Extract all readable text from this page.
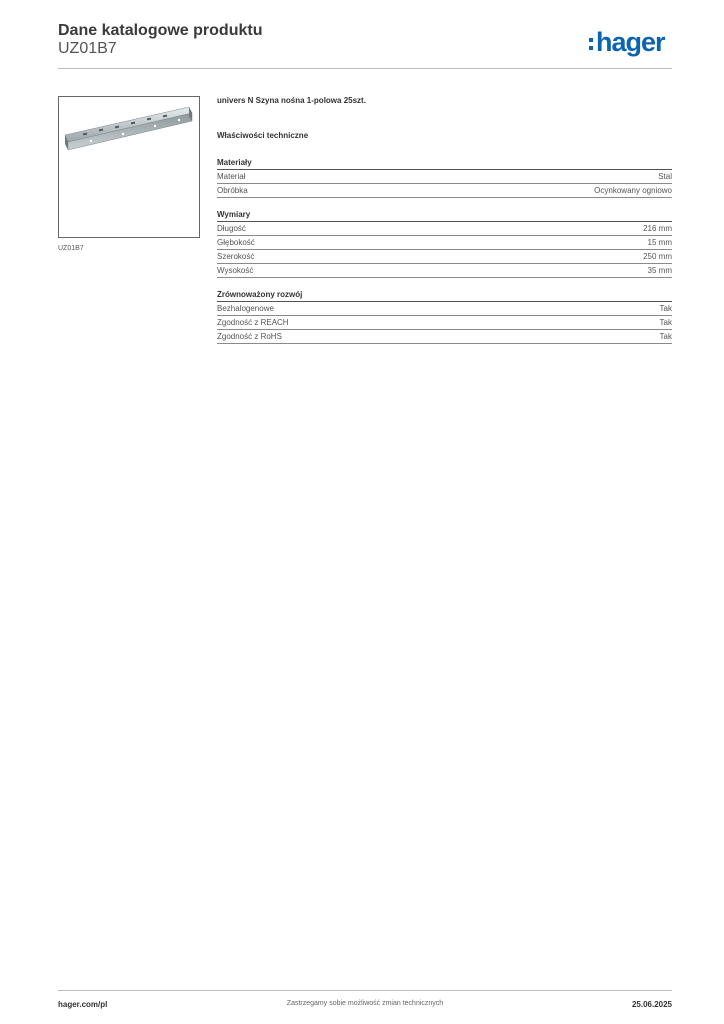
Dane katalogowe produktu
UZ01B7	hager
UZ01B7
univers N Szyna nośna 1-polowa 25szt.
Właściwości techniczne
Materiały
Materiał	Stal
Obróbka	Ocynkowany ogniowo
Wymiary
Długość	216 mm
Głębokość	15 mm
Szerokość	250 mm
Wysokość	35 mm
Zrównoważony rozwój
Bezhalogenowe	Tak
Zgodność z REACH	Tak
Zgodność z RoHS	Tak
hager.com/pl	Zastrzegamy sobie możliwość zmian technicznych	25.06.2025
